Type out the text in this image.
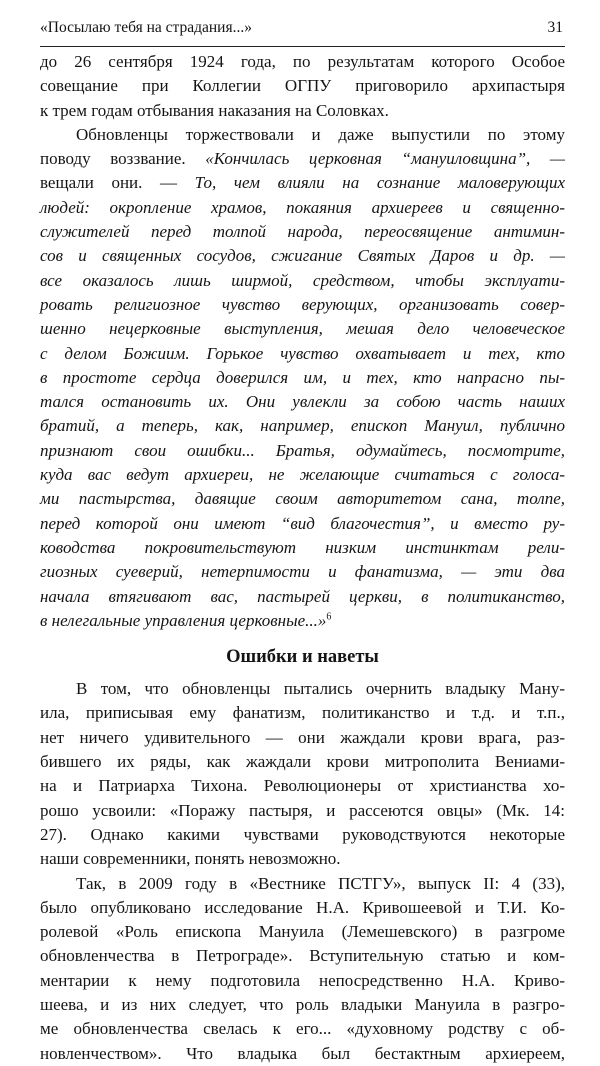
«Посылаю тебя на страдания...»	31
до 26 сентября 1924 года, по результатам которого Особое
совещание при Коллегии ОГПУ приговорило архипастыря
к трем годам отбывания наказания на Соловках.
Обновленцы торжествовали и даже выпустили по этому
поводу воззвание. «Кончилась церковная “мануиловщина”, —
вещали они. — То, чем влияли на сознание маловерующих
людей: окропление храмов, покаяния архиереев и священно-
служителей перед толпой народа, переосвящение антимин-
сов и священных сосудов, сжигание Святых Даров и др. —
все оказалось лишь ширмой, средством, чтобы эксплуати-
ровать религиозное чувство верующих, организовать совер-
шенно нецерковные выступления, мешая дело человеческое
с делом Божиим. Горькое чувство охватывает и тех, кто
в простоте сердца доверился им, и тех, кто напрасно пы-
тался остановить их. Они увлекли за собою часть наших
братий, а теперь, как, например, епископ Мануил, публично
признают свои ошибки... Братья, одумайтесь, посмотрите,
куда вас ведут архиереи, не желающие считаться с голоса-
ми пастырства, давящие своим авторитетом сана, толпе,
перед которой они имеют “вид благочестия”, и вместо ру-
ководства покровительствуют низким инстинктам рели-
гиозных суеверий, нетерпимости и фанатизма, — эти два
начала втягивают вас, пастырей церкви, в политиканство,
в нелегальные управления церковные...»$^6$
Ошибки и наветы
В том, что обновленцы пытались очернить владыку Ману-
ила, приписывая ему фанатизм, политиканство и т.д. и т.п.,
нет ничего удивительного — они жаждали крови врага, раз-
бившего их ряды, как жаждали крови митрополита Вениами-
на и Патриарха Тихона. Революционеры от христианства хо-
рошо усвоили: «Поражу пастыря, и рассеются овцы» (Мк. 14:
27). Однако какими чувствами руководствуются некоторые
наши современники, понять невозможно.
Так, в 2009 году в «Вестнике ПСТГУ», выпуск II: 4 (33),
было опубликовано исследование Н.А. Кривошеевой и Т.И. Ко-
ролевой «Роль епископа Мануила (Лемешевского) в разгроме
обновленчества в Петрограде». Вступительную статью и ком-
ментарии к нему подготовила непосредственно Н.А. Криво-
шеева, и из них следует, что роль владыки Мануила в разгро-
ме обновленчества свелась к его... «духовному родству с об-
новленчеством». Что владыка был бестактным архиереем,
